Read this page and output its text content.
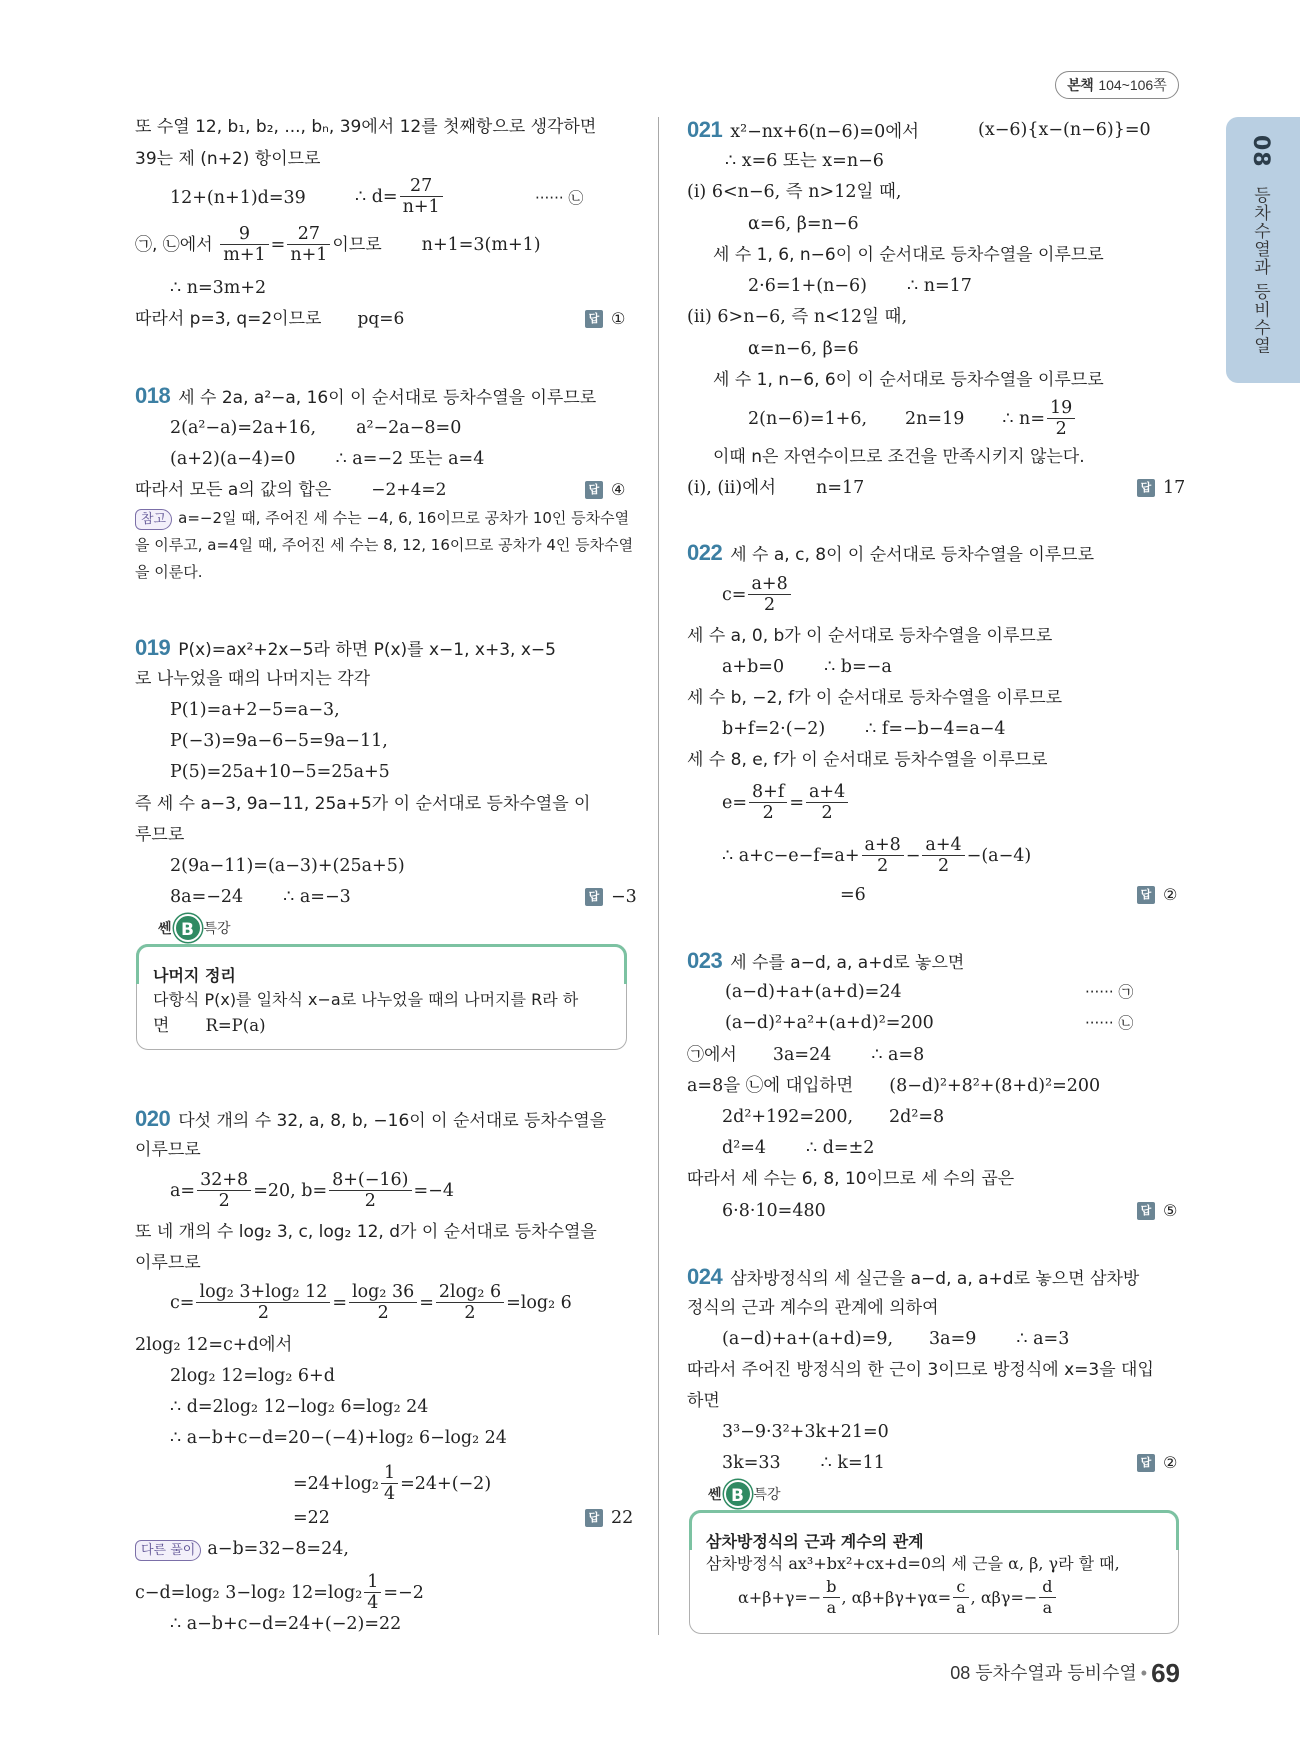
본책 104~106쪽
08 등차수열과 등비수열
또 수열 12, b₁, b₂, ..., bₙ, 39에서 12를 첫째항으로 생각하면
39는 제 (n+2) 항이므로
12+(n+1)d=39	∴ $d= \frac{27}{n+1}$	······ ㉡
㉠, ㉡에서
$\frac{9}{m+1} = \frac{27}{n+1}$ 이므로 n+1=3(m+1)
∴ n=3m+2
따라서 p=3, q=2이므로 pq=6	답 ①
018 세 수 2a, a²−a, 16이 이 순서대로 등차수열을 이루므로
2(a²−a)=2a+16, a²−2a−8=0
(a+2)(a−4)=0 ∴ a=−2 또는 a=4
따라서 모든 a의 값의 합은 −2+4=2	답 ④
참고 a=−2일 때, 주어진 세 수는 −4, 6, 16이므로 공차가 10인 등차수열
을 이루고, a=4일 때, 주어진 세 수는 8, 12, 16이므로 공차가 4인 등차수열
을 이룬다.
019 P(x)=ax²+2x−5라 하면 P(x)를 x−1, x+3, x−5
로 나누었을 때의 나머지는 각각
P(1)=a+2−5=a−3,
P(−3)=9a−6−5=9a−11,
P(5)=25a+10−5=25a+5
즉 세 수 a−3, 9a−11, 25a+5가 이 순서대로 등차수열을 이
루므로
2(9a−11)=(a−3)+(25a+5)
8a=−24 ∴ a=−3	답 −3
쎈 B 특강
나머지 정리
다항식 P(x)를 일차식 x−a로 나누었을 때의 나머지를 R라 하
면 R=P(a)
020 다섯 개의 수 32, a, 8, b, −16이 이 순서대로 등차수열을
이루므로
$a= \frac{32+8}{2} =20$, $b= \frac{8+(-16)}{2} =-4$
또 네 개의 수 log₂ 3, c, log₂ 12, d가 이 순서대로 등차수열을
이루므로
$c= \frac{\text{log₂ 3+log₂ 12}}{2} = \frac{\text{log₂ 36}}{2} = \frac{\text{2log₂ 6}}{2} =\log_2$ 6
2log₂ 12=c+d에서
2log₂ 12=log₂ 6+d
∴ d=2log₂ 12−log₂ 6=log₂ 24
∴ a−b+c−d=20−(−4)+log₂ 6−log₂ 24
$=24+\log_2 \frac{1}{4} =24+(-2)$
=22	답 22
다른 풀이 a−b=32−8=24,
c−d=log₂ 3−log₂ $12=\log_2 \frac{1}{4} =-2$
∴ a−b+c−d=24+(−2)=22
021 x²−nx+6(n−6)=0에서	(x−6){x−(n−6)}=0
∴ x=6 또는 x=n−6
(i) 6<n−6, 즉 n>12일 때,
α=6, β=n−6
세 수 1, 6, n−6이 이 순서대로 등차수열을 이루므로
2·6=1+(n−6) ∴ n=17
(ii) 6>n−6, 즉 n<12일 때,
α=n−6, β=6
세 수 1, n−6, 6이 이 순서대로 등차수열을 이루므로
2(n−6)=1+6, 2n=19 ∴ $n= \frac{19}{2}$
이때 n은 자연수이므로 조건을 만족시키지 않는다.
(i), (ii)에서 n=17	답 17
022 세 수 a, c, 8이 이 순서대로 등차수열을 이루므로
$c= \frac{a+8}{2}$
세 수 a, 0, b가 이 순서대로 등차수열을 이루므로
a+b=0 ∴ b=−a
세 수 b, −2, f가 이 순서대로 등차수열을 이루므로
b+f=2·(−2) ∴ f=−b−4=a−4
세 수 8, e, f가 이 순서대로 등차수열을 이루므로
$e= \frac{8+f}{2} = \frac{a+4}{2}$
∴ $a+c-e-f=a+ \frac{a+8}{2} - \frac{a+4}{2} -(a-4)$
=6	답 ②
023 세 수를 a−d, a, a+d로 놓으면
(a−d)+a+(a+d)=24	······ ㉠
(a−d)²+a²+(a+d)²=200	······ ㉡
㉠에서 3a=24 ∴ a=8
a=8을 ㉡에 대입하면 (8−d)²+8²+(8+d)²=200
2d²+192=200, 2d²=8
d²=4 ∴ d=±2
따라서 세 수는 6, 8, 10이므로 세 수의 곱은
6·8·10=480	답 ⑤
024 삼차방정식의 세 실근을 a−d, a, a+d로 놓으면 삼차방
정식의 근과 계수의 관계에 의하여
(a−d)+a+(a+d)=9, 3a=9 ∴ a=3
따라서 주어진 방정식의 한 근이 3이므로 방정식에 x=3을 대입
하면
3³−9·3²+3k+21=0
3k=33 ∴ k=11	답 ②
쎈 B 특강
삼차방정식의 근과 계수의 관계
삼차방정식 ax³+bx²+cx+d=0의 세 근을 α, β, γ라 할 때,
$\alpha+\beta+\gamma=- \frac{b}{a}$ , $\alpha\beta+\beta\gamma+\gamma\alpha= \frac{c}{a}$ , $\alpha\beta\gamma=- \frac{d}{a}$
08 등차수열과 등비수열 • 69
